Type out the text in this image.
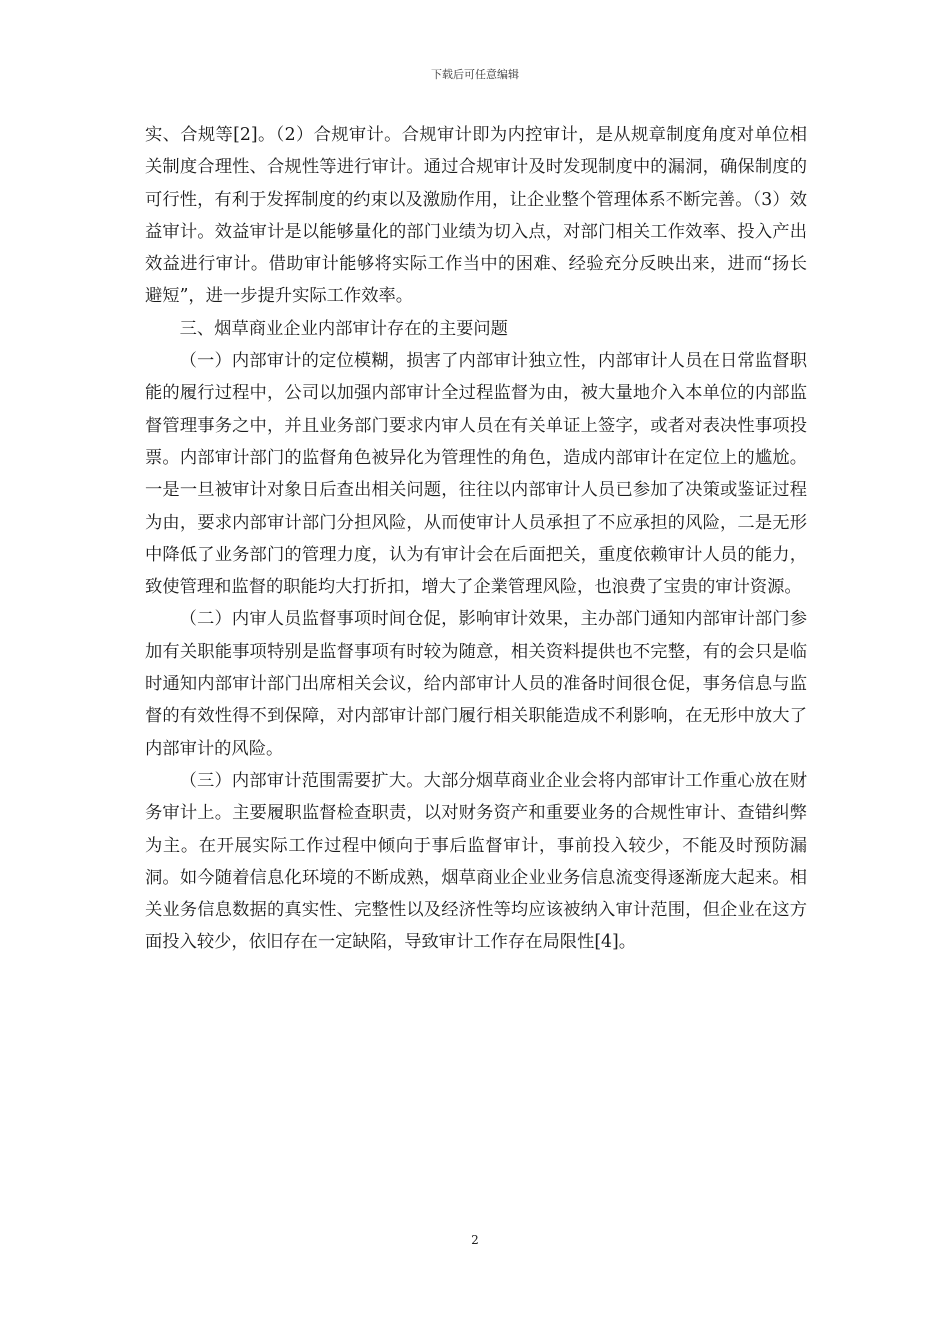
下载后可任意编辑

实、合规等[2]。（2）合规审计。合规审计即为内控审计，是从规章制度角度对单位相关制度合理性、合规性等进行审计。通过合规审计及时发现制度中的漏洞，确保制度的可行性，有利于发挥制度的约束以及激励作用，让企业整个管理体系不断完善。（3）效益审计。效益审计是以能够量化的部门业绩为切入点，对部门相关工作效率、投入产出效益进行审计。借助审计能够将实际工作当中的困难、经验充分反映出来，进而“扬长避短”，进一步提升实际工作效率。

三、烟草商业企业内部审计存在的主要问题

（一）内部审计的定位模糊，损害了内部审计独立性，内部审计人员在日常监督职能的履行过程中，公司以加强内部审计全过程监督为由，被大量地介入本单位的内部监督管理事务之中，并且业务部门要求内审人员在有关单证上签字，或者对表决性事项投票。内部审计部门的监督角色被异化为管理性的角色，造成内部审计在定位上的尴尬。一是一旦被审计对象日后查出相关问题，往往以内部审计人员已参加了决策或鉴证过程为由，要求内部审计部门分担风险，从而使审计人员承担了不应承担的风险，二是无形中降低了业务部门的管理力度，认为有审计会在后面把关，重度依赖审计人员的能力，致使管理和监督的职能均大打折扣，增大了企業管理风险，也浪费了宝贵的审计资源。

（二）内审人员监督事项时间仓促，影响审计效果，主办部门通知内部审计部门参加有关职能事项特别是监督事项有时较为随意，相关资料提供也不完整，有的会只是临时通知内部审计部门出席相关会议，给内部审计人员的准备时间很仓促，事务信息与监督的有效性得不到保障，对内部审计部门履行相关职能造成不利影响，在无形中放大了内部审计的风险。

（三）内部审计范围需要扩大。大部分烟草商业企业会将内部审计工作重心放在财务审计上。主要履职监督检查职责，以对财务资产和重要业务的合规性审计、查错纠弊为主。在开展实际工作过程中倾向于事后监督审计，事前投入较少，不能及时预防漏洞。如今随着信息化环境的不断成熟，烟草商业企业业务信息流变得逐渐庞大起来。相关业务信息数据的真实性、完整性以及经济性等均应该被纳入审计范围，但企业在这方面投入较少，依旧存在一定缺陷，导致审计工作存在局限性[4]。

2
